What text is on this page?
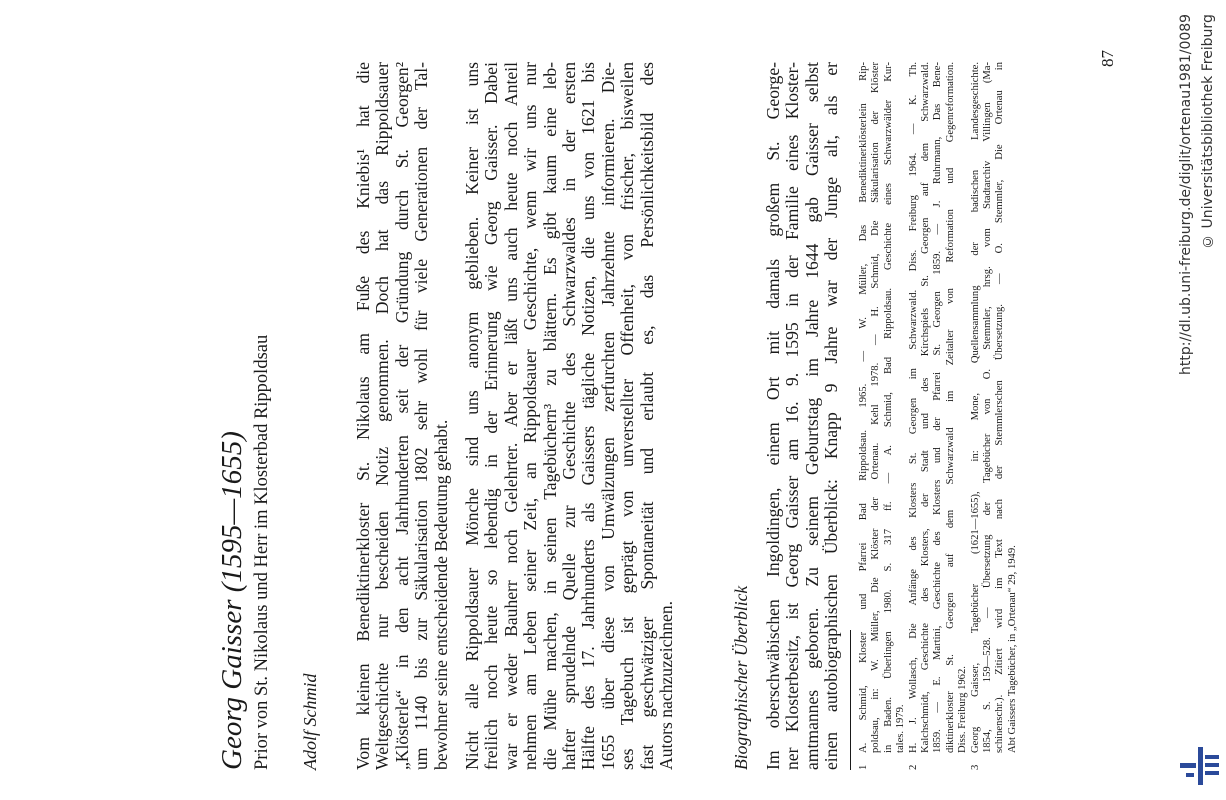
http://dl.ub.uni-freiburg.de/diglit/ortenau1981/0089 © Universitätsbibliothek Freiburg
Georg Gaisser (1595—1655) Prior von St. Nikolaus und Herr im Klosterbad Rippoldsau Adolf Schmid Vom kleinen Benediktinerkloster St. Nikolaus am Fuße des Kniebis¹ hat die Weltgeschichte nur bescheiden Notiz genommen. Doch hat das Rippoldsauer „Klösterle“ in den acht Jahrhunderten seit der Gründung durch St. Georgen² um 1140 bis zur Säkularisation 1802 sehr wohl für viele Generationen der Tal- bewohner seine entscheidende Bedeutung gehabt. Nicht alle Rippoldsauer Mönche sind uns anonym geblieben. Keiner ist uns freilich noch heute so lebendig in der Erinnerung wie Georg Gaisser. Dabei war er weder Bauherr noch Gelehrter. Aber er läßt uns auch heute noch Anteil nehmen am Leben seiner Zeit, an Rippoldsauer Geschichte, wenn wir uns nur die Mühe machen, in seinen Tagebüchern³ zu blättern. Es gibt kaum eine leb- hafter sprudelnde Quelle zur Geschichte des Schwarzwaldes in der ersten Hälfte des 17. Jahrhunderts als Gaissers tägliche Notizen, die uns von 1621 bis 1655 über diese von Umwälzungen zerfurchten Jahrzehnte informieren. Die- ses Tagebuch ist geprägt von unverstellter Offenheit, von frischer, bisweilen fast geschwätziger Spontaneität und erlaubt es, das Persönlichkeitsbild des Autors nachzuzeichnen.	Biographischer Überblick Im oberschwäbischen Ingoldingen, einem Ort mit damals großem St. George- ner Klosterbesitz, ist Georg Gaisser am 16. 9. 1595 in der Familie eines Kloster- amtmannes geboren. Zu seinem Geburtstag im Jahre 1644 gab Gaisser selbst einen autobiographischen Überblick: Knapp 9 Jahre war der Junge alt, als er 1
A. Schmid, Kloster und Pfarrei Bad Rippoldsau. 1965. — W. Müller, Das Benediktinerklösterlein Rip- poldsau, in: W. Müller, Die Klöster der Ortenau. Kehl 1978. — H. Schmid, Die Säkularisation der Klöster in Baden. Überlingen 1980. S. 317 ff. — A. Schmid, Bad Rippoldsau. Geschichte eines Schwarzwälder Kur- tales. 1979.
2
H. J. Wollasch, Die Anfänge des Klosters St. Georgen im Schwarzwald. Diss. Freiburg 1964. — K. Th. Kalchschmidt, Geschichte des Klosters, der Stadt und des Kirchspiels St. Georgen auf dem Schwarzwald. 1859. — E. Martini, Geschichte des Klosters und der Pfarrei St. Georgen 1859. — J. Ruhrmann, Das Bene- diktinerkloster St. Georgen auf dem Schwarzwald im Zeitalter von Reformation und Gegenreformation. Diss. Freiburg 1962.
3
Georg Gaisser, Tagebücher (1621—1655), in: Mone, Quellensammlung der badischen Landesgeschichte. 1854, S. 159—528. — Übersetzung der Tagebücher von O. Stemmler, hrsg. vom Stadtarchiv Villingen (Ma- schinenschr.). Zitiert wird im Text nach der Stemmlerschen Übersetzung. — O. Stemmler, Die Ortenau in Abt Gaissers Tagebücher, in „Ortenau“ 29, 1949.
87
